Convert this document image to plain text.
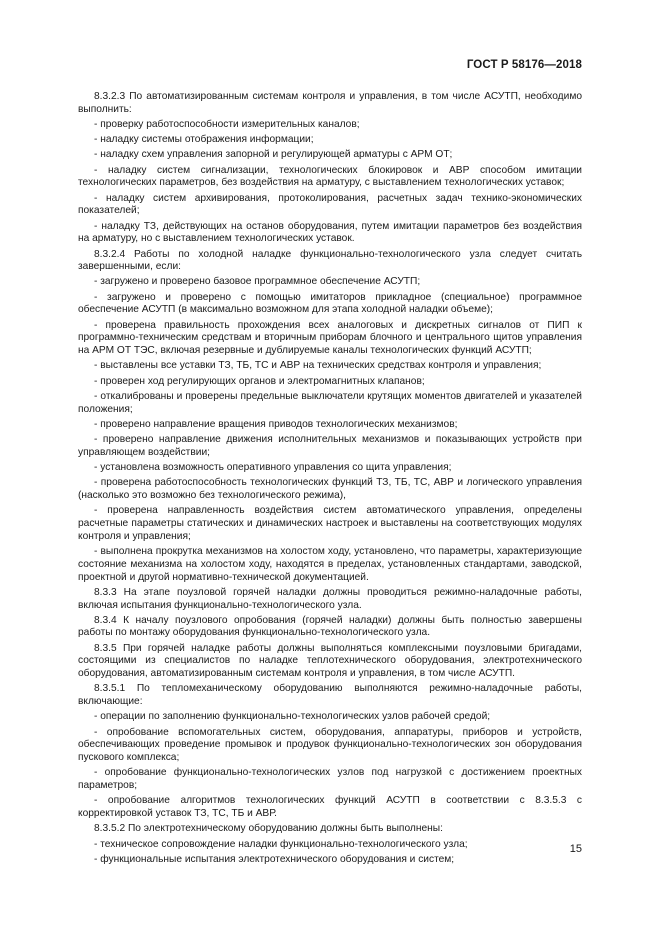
ГОСТ Р 58176—2018

8.3.2.3 По автоматизированным системам контроля и управления, в том числе АСУТП, необходимо выполнить:

- проверку работоспособности измерительных каналов;

- наладку системы отображения информации;

- наладку схем управления запорной и регулирующей арматуры с АРМ ОТ;

- наладку систем сигнализации, технологических блокировок и АВР способом имитации технологических параметров, без воздействия на арматуру, с выставлением технологических уставок;

- наладку систем архивирования, протоколирования, расчетных задач технико-экономических показателей;

- наладку ТЗ, действующих на останов оборудования, путем имитации параметров без воздействия на арматуру, но с выставлением технологических уставок.

8.3.2.4 Работы по холодной наладке функционально-технологического узла следует считать завершенными, если:

- загружено и проверено базовое программное обеспечение АСУТП;

- загружено и проверено с помощью имитаторов прикладное (специальное) программное обеспечение АСУТП (в максимально возможном для этапа холодной наладки объеме);

- проверена правильность прохождения всех аналоговых и дискретных сигналов от ПИП к программно-техническим средствам и вторичным приборам блочного и центрального щитов управления на АРМ ОТ ТЭС, включая резервные и дублируемые каналы технологических функций АСУТП;

- выставлены все уставки ТЗ, ТБ, ТС и АВР на технических средствах контроля и управления;

- проверен ход регулирующих органов и электромагнитных клапанов;

- откалиброваны и проверены предельные выключатели крутящих моментов двигателей и указателей положения;

- проверено направление вращения приводов технологических механизмов;

- проверено направление движения исполнительных механизмов и показывающих устройств при управляющем воздействии;

- установлена возможность оперативного управления со щита управления;

- проверена работоспособность технологических функций ТЗ, ТБ, ТС, АВР и логического управления (насколько это возможно без технологического режима),

- проверена направленность воздействия систем автоматического управления, определены расчетные параметры статических и динамических настроек и выставлены на соответствующих модулях контроля и управления;

- выполнена прокрутка механизмов на холостом ходу, установлено, что параметры, характеризующие состояние механизма на холостом ходу, находятся в пределах, установленных стандартами, заводской, проектной и другой нормативно-технической документацией.

8.3.3 На этапе поузловой горячей наладки должны проводиться режимно-наладочные работы, включая испытания функционально-технологического узла.

8.3.4 К началу поузлового опробования (горячей наладки) должны быть полностью завершены работы по монтажу оборудования функционально-технологического узла.

8.3.5 При горячей наладке работы должны выполняться комплексными поузловыми бригадами, состоящими из специалистов по наладке теплотехнического оборудования, электротехнического оборудования, автоматизированным системам контроля и управления, в том числе АСУТП.

8.3.5.1 По тепломеханическому оборудованию выполняются режимно-наладочные работы, включающие:

- операции по заполнению функционально-технологических узлов рабочей средой;

- опробование вспомогательных систем, оборудования, аппаратуры, приборов и устройств, обеспечивающих проведение промывок и продувок функционально-технологических зон оборудования пускового комплекса;

- опробование функционально-технологических узлов под нагрузкой с достижением проектных параметров;

- опробование алгоритмов технологических функций АСУТП в соответствии с 8.3.5.3 с корректировкой уставок ТЗ, ТС, ТБ и АВР.

8.3.5.2 По электротехническому оборудованию должны быть выполнены:

- техническое сопровождение наладки функционально-технологического узла;

- функциональные испытания электротехнического оборудования и систем;

15
